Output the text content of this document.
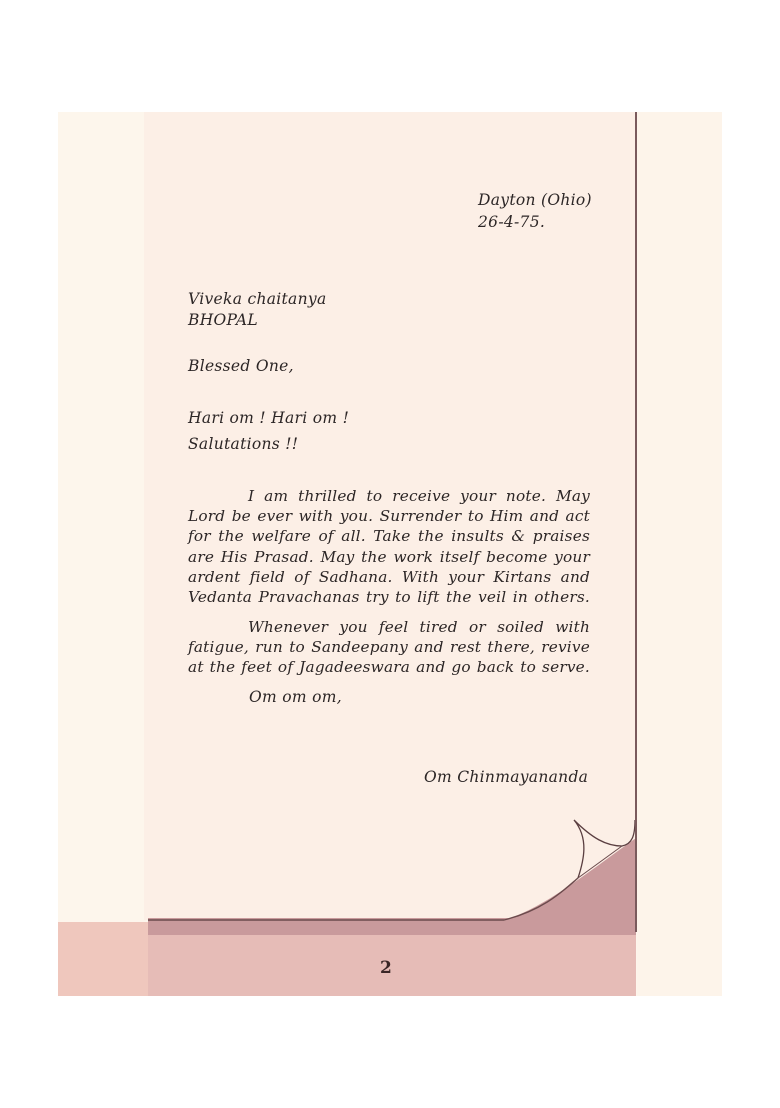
Dayton (Ohio)
26-4-75.
Viveka chaitanya
BHOPAL
Blessed One,
Hari om ! Hari om !
Salutations !!
I am thrilled to receive your note. May
Lord be ever with you. Surrender to Him and act
for the welfare of all. Take the insults & praises
are His Prasad. May the work itself become your
ardent field of Sadhana. With your Kirtans and
Vedanta Pravachanas try to lift the veil in others.
Whenever you feel tired or soiled with
fatigue, run to Sandeepany and rest there, revive
at the feet of Jagadeeswara and go back to serve.
Om om om,
Om Chinmayananda
2
